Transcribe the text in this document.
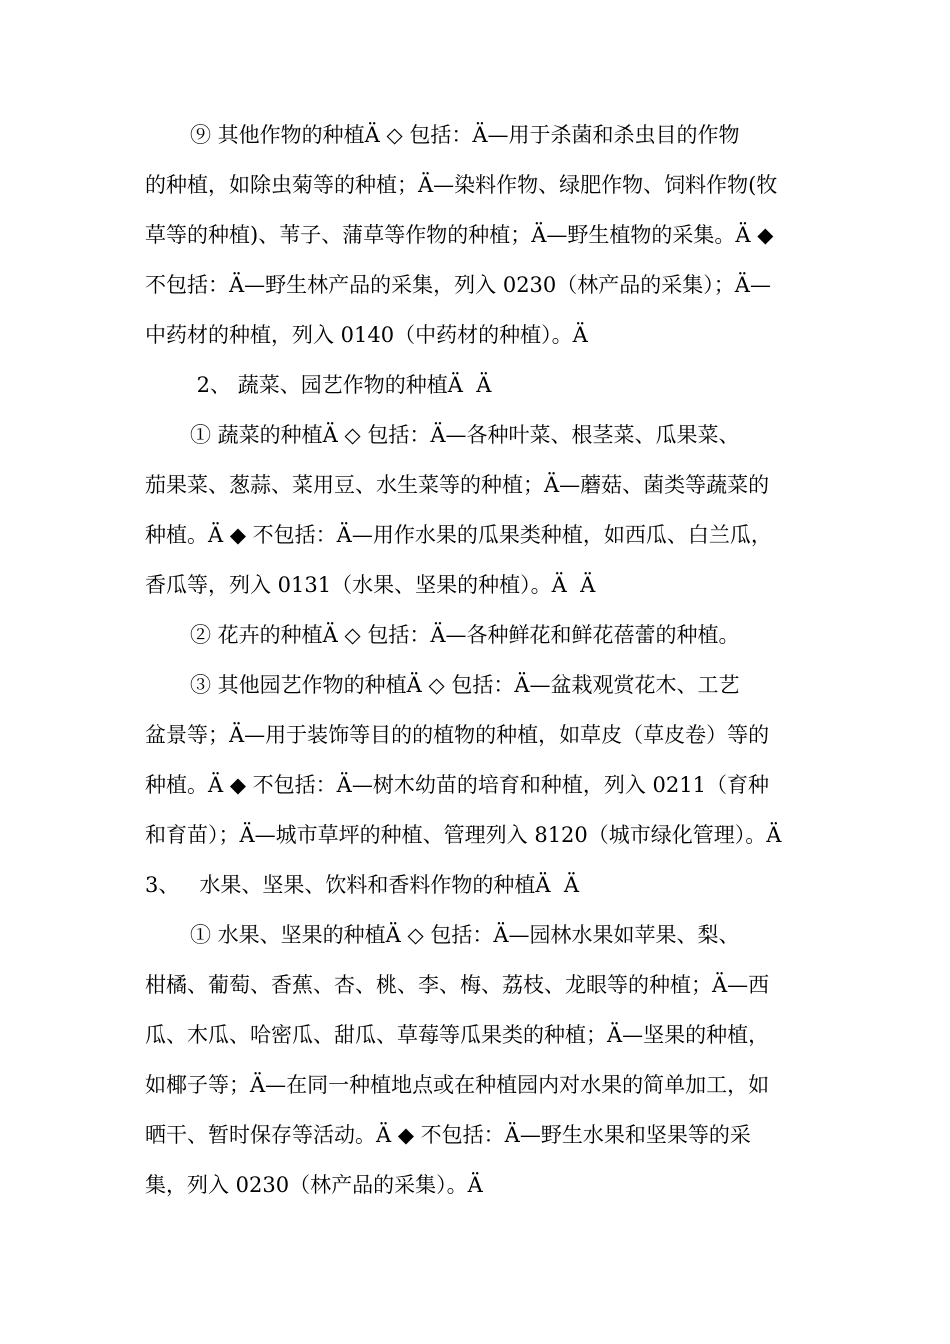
⑨ 其他作物的种植Ä ◇ 包括：Ä—用于杀菌和杀虫目的作物
的种植，如除虫菊等的种植；Ä—染料作物、绿肥作物、饲料作物(牧
草等的种植)、苇子、蒲草等作物的种植；Ä—野生植物的采集。Ä ◆
不包括：Ä—野生林产品的采集，列入 0230（林产品的采集）；Ä—
中药材的种植，列入 0140（中药材的种植）。Ä
2、 蔬菜、园艺作物的种植Ä  Ä
① 蔬菜的种植Ä ◇ 包括：Ä—各种叶菜、根茎菜、瓜果菜、
茄果菜、葱蒜、菜用豆、水生菜等的种植；Ä—蘑菇、菌类等蔬菜的
种植。Ä ◆ 不包括：Ä—用作水果的瓜果类种植，如西瓜、白兰瓜，
香瓜等，列入 0131（水果、坚果的种植）。Ä  Ä
② 花卉的种植Ä ◇ 包括：Ä—各种鲜花和鲜花蓓蕾的种植。
③ 其他园艺作物的种植Ä ◇ 包括：Ä—盆栽观赏花木、工艺
盆景等；Ä—用于装饰等目的的植物的种植，如草皮（草皮卷）等的
种植。Ä ◆ 不包括：Ä—树木幼苗的培育和种植，列入 0211（育种
和育苗）；Ä—城市草坪的种植、管理列入 8120（城市绿化管理）。Ä
3、   水果、坚果、饮料和香料作物的种植Ä  Ä
① 水果、坚果的种植Ä ◇ 包括：Ä—园林水果如苹果、梨、
柑橘、葡萄、香蕉、杏、桃、李、梅、荔枝、龙眼等的种植；Ä—西
瓜、木瓜、哈密瓜、甜瓜、草莓等瓜果类的种植；Ä—坚果的种植，
如椰子等；Ä—在同一种植地点或在种植园内对水果的简单加工，如
晒干、暂时保存等活动。Ä ◆ 不包括：Ä—野生水果和坚果等的采
集，列入 0230（林产品的采集）。Ä
